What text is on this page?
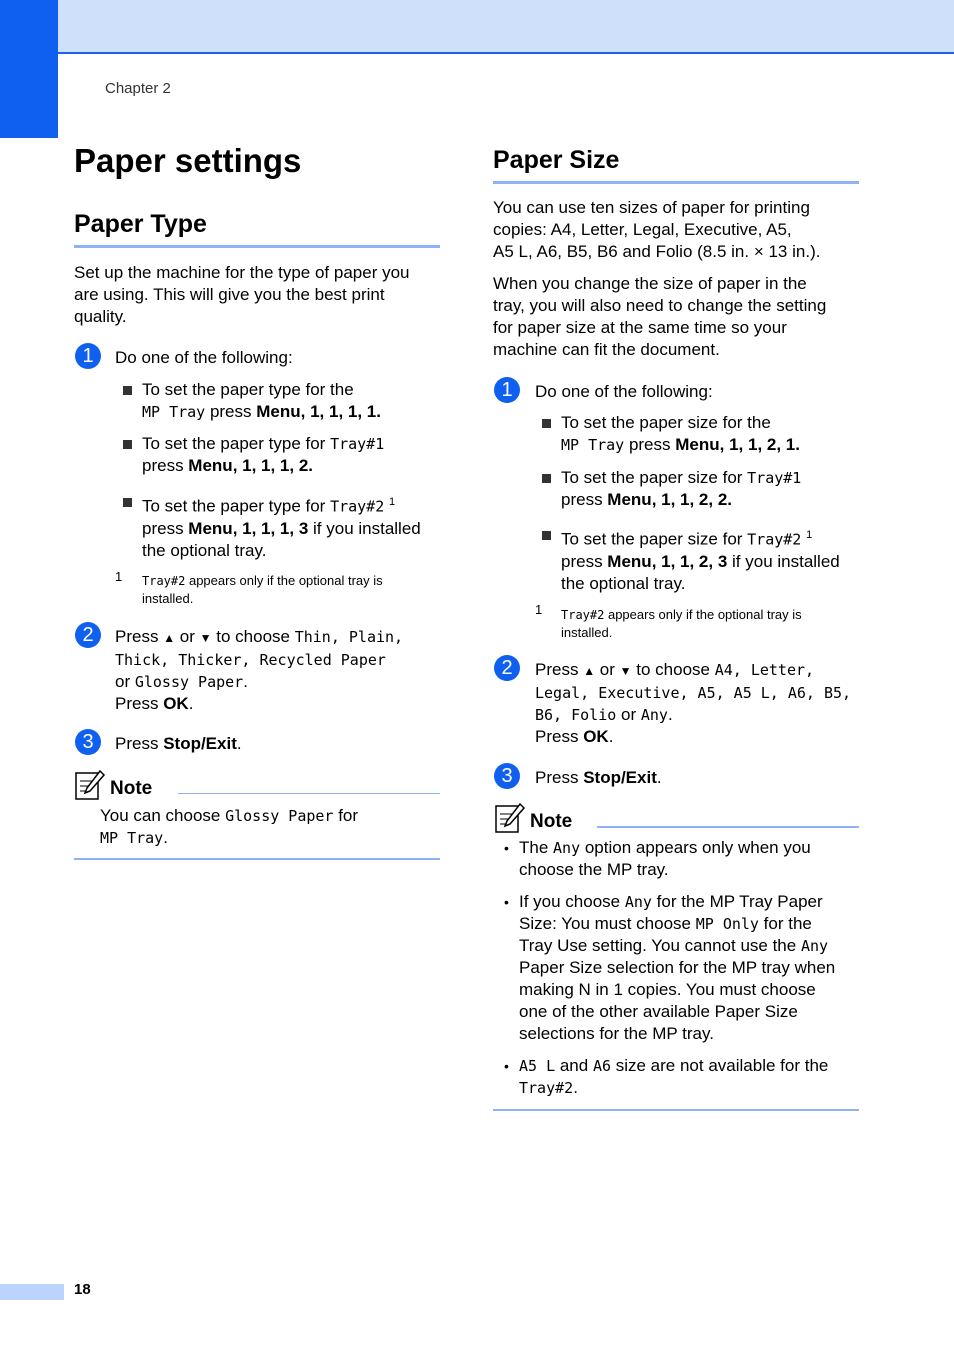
Chapter 2
Paper settings
Paper Type

Set up the machine for the type of paper you
are using. This will give you the best print
quality.

1	Do one of the following:
To set the paper type for the
MP Tray press Menu, 1, 1, 1, 1.
To set the paper type for Tray#1
press Menu, 1, 1, 1, 2.
To set the paper type for Tray#2 $^1$
press Menu, 1, 1, 1, 3 if you installed
the optional tray.
1 Tray#2 appears only if the optional tray is
installed.
2	Press ▲ or ▼ to choose Thin, Plain,
Thick, Thicker, Recycled Paper
or Glossy Paper.
Press OK.
3	Press Stop/Exit.
Note
You can choose Glossy Paper for
MP Tray.
Paper Size

You can use ten sizes of paper for printing
copies: A4, Letter, Legal, Executive, A5,
A5 L, A6, B5, B6 and Folio (8.5 in. × 13 in.).

When you change the size of paper in the
tray, you will also need to change the setting
for paper size at the same time so your
machine can fit the document.

1	Do one of the following:
To set the paper size for the
MP Tray press Menu, 1, 1, 2, 1.
To set the paper size for Tray#1
press Menu, 1, 1, 2, 2.
To set the paper size for Tray#2 $^1$
press Menu, 1, 1, 2, 3 if you installed
the optional tray.
1 Tray#2 appears only if the optional tray is
installed.
2	Press ▲ or ▼ to choose A4, Letter,
Legal, Executive, A5, A5 L, A6, B5,
B6, Folio or Any.
Press OK.
3	Press Stop/Exit.
Note
• The Any option appears only when you
choose the MP tray.
• If you choose Any for the MP Tray Paper
Size: You must choose MP Only for the
Tray Use setting. You cannot use the Any
Paper Size selection for the MP tray when
making N in 1 copies. You must choose
one of the other available Paper Size
selections for the MP tray.
• A5 L and A6 size are not available for the
Tray#2.
18
